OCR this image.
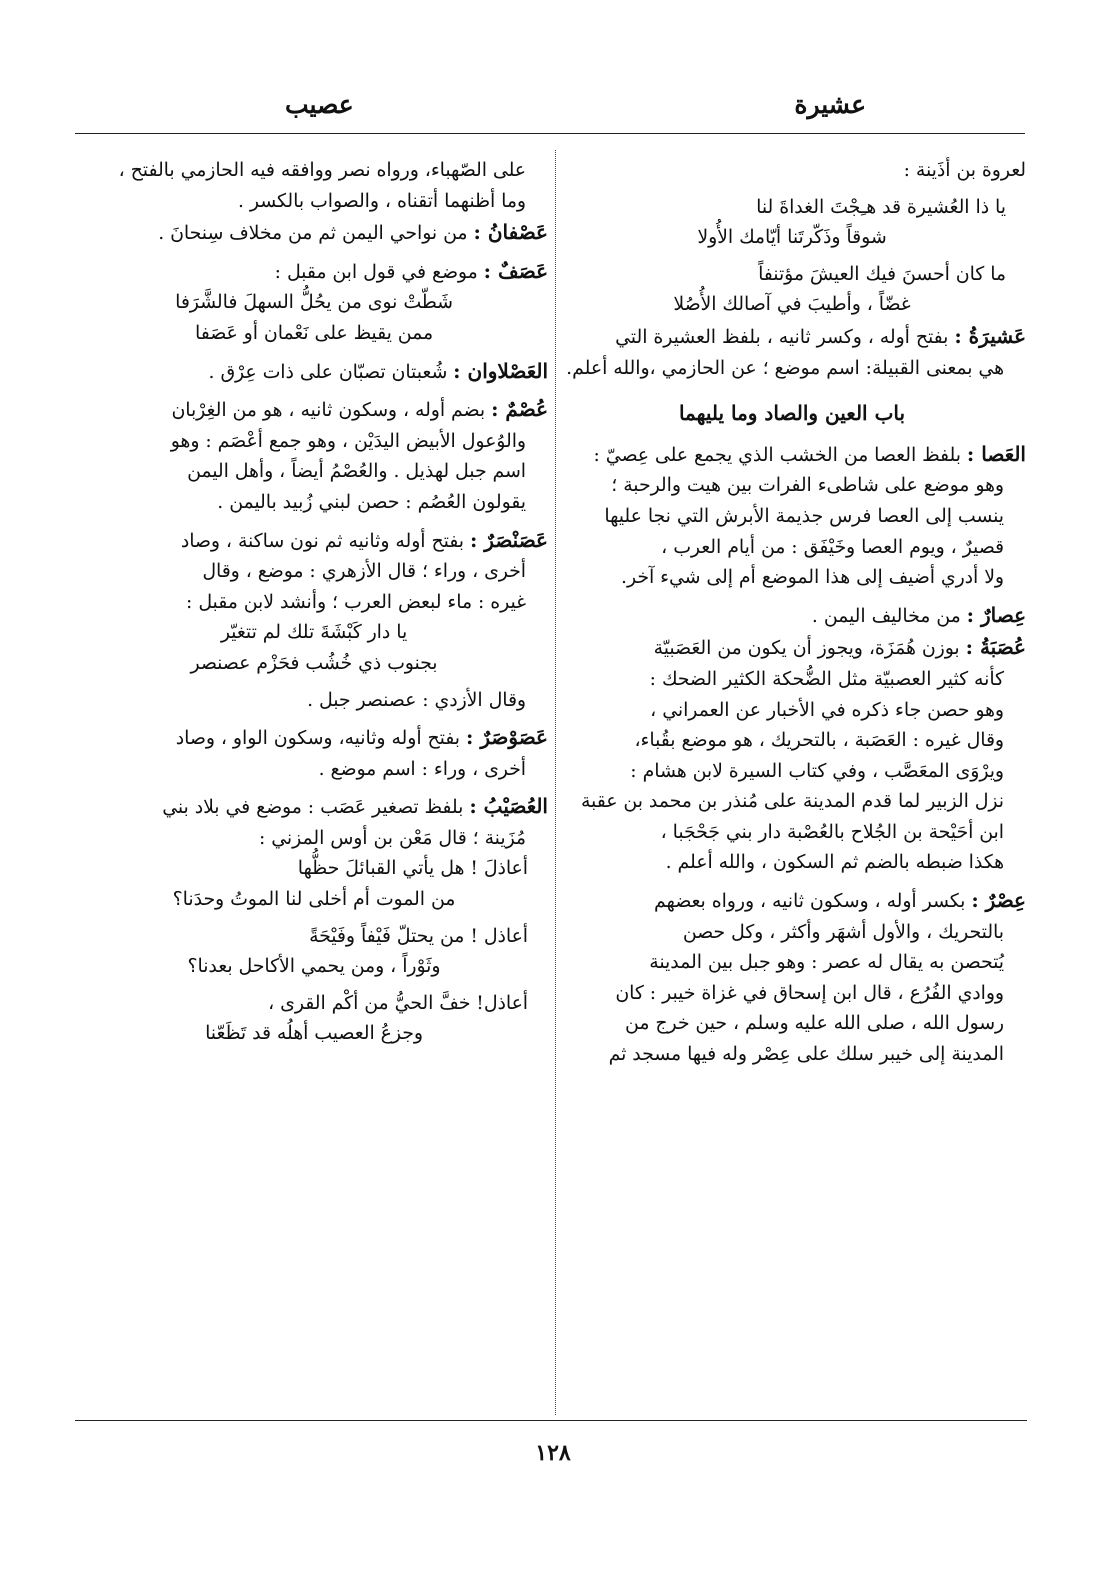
عشيرة
عصيب
لعروة بن أُذَينة :
يا ذا العُشيرة قد هـِجْتَ الغداةَ لنا
شوقاً وذَكّرتَنا أيّامك الأُولا
ما كان أحسنَ فيك العيشَ مؤتنفاً
غضّاً ، وأطيبَ في آصالك الأُصُلا
عَشيرَةُ : بفتح أوله ، وكسر ثانيه ، بلفظ العشيرة التي
هي بمعنى القبيلة: اسم موضع ؛ عن الحازمي ،والله أعلم.
باب العين والصاد وما يليهما
العَصا : بلفظ العصا من الخشب الذي يجمع على عِصيّ :
وهو موضع على شاطىء الفرات بين هيت والرحبة ؛
ينسب إلى العصا فرس جذيمة الأبرش التي نجا عليها
قصيرٌ ، ويوم العصا وخَيْفَق : من أيام العرب ،
ولا أدري أضيف إلى هذا الموضع أم إلى شيء آخر.
عِصارٌ : من مخاليف اليمن .
عُصَبَةُ : بوزن هُمَزَة، ويجوز أن يكون من العَصَبيّة
كأنه كثير العصبيّة مثل الضُّحكة الكثير الضحك :
وهو حصن جاء ذكره في الأخبار عن العمراني ،
وقال غيره : العَصَبة ، بالتحريك ، هو موضع بقُباء،
ويرْوَى المعَصَّب ، وفي كتاب السيرة لابن هشام :
نزل الزبير لما قدم المدينة على مُنذر بن محمد بن عقبة
ابن أُحَيْحة بن الجُلاح بالعُصْبة دار بني جَحْجَبا ،
هكذا ضبطه بالضم ثم السكون ، والله أعلم .
عِصْرٌ : بكسر أوله ، وسكون ثانيه ، ورواه بعضهم
بالتحريك ، والأول أشهَر وأكثر ، وكل حصن
يُتحصن به يقال له عصر : وهو جبل بين المدينة
ووادي الفُرُع ، قال ابن إسحاق في غزاة خيبر : كان
رسول الله ، صلى الله عليه وسلم ، حين خرج من
المدينة إلى خيبر سلك على عِصْر وله فيها مسجد ثم
على الصّهباء، ورواه نصر ووافقه فيه الحازمي بالفتح ،
وما أظنهما أتقناه ، والصواب بالكسر .
عَصْفانُ : من نواحي اليمن ثم من مخلاف سِنحانَ .
عَصَفٌ : موضع في قول ابن مقبل :
شَطّتْ نوى من يحُلُّ السهلَ فالشَّرَفا
ممن يقيظ على نَعْمان أو عَصَفا
العَصْلاوان : شُعبتان تصبّان على ذات عِرْق .
عُصْمٌ : بضم أوله ، وسكون ثانيه ، هو من الغِرْبان
والوُعول الأبيض اليدَيْن ، وهو جمع أعْصَم : وهو
اسم جبل لهذيل . والعُصْمُ أيضاً ، وأهل اليمن
يقولون العُصُم : حصن لبني زُبيد باليمن .
عَصَنْصَرٌ : بفتح أوله وثانيه ثم نون ساكنة ، وصاد
أخرى ، وراء ؛ قال الأزهري : موضع ، وقال
غيره : ماء لبعض العرب ؛ وأنشد لابن مقبل :
يا دار كَبْشَةَ تلك لم تتغيّر
بجنوب ذي خُشُب فحَزْم عصنصر
وقال الأزدي : عصنصر جبل .
عَصَوْصَرٌ : بفتح أوله وثانيه، وسكون الواو ، وصاد
أخرى ، وراء : اسم موضع .
العُصَيْبُ : بلفظ تصغير عَصَب : موضع في بلاد بني
مُزَينة ؛ قال مَعْن بن أوس المزني :
أعاذلَ ! هل يأتي القبائلَ حظُّها
من الموت أم أخلى لنا الموتُ وحدَنا؟
أعاذل ! من يحتلّ فَيْفاً وفَيْحَةً
وثَوْراً ، ومن يحمي الأكاحل بعدنا؟
أعاذل! خفَّ الحيُّ من أكْم القرى ،
وجزعُ العصيب أهلُه قد تَظَعّنا
١٢٨
